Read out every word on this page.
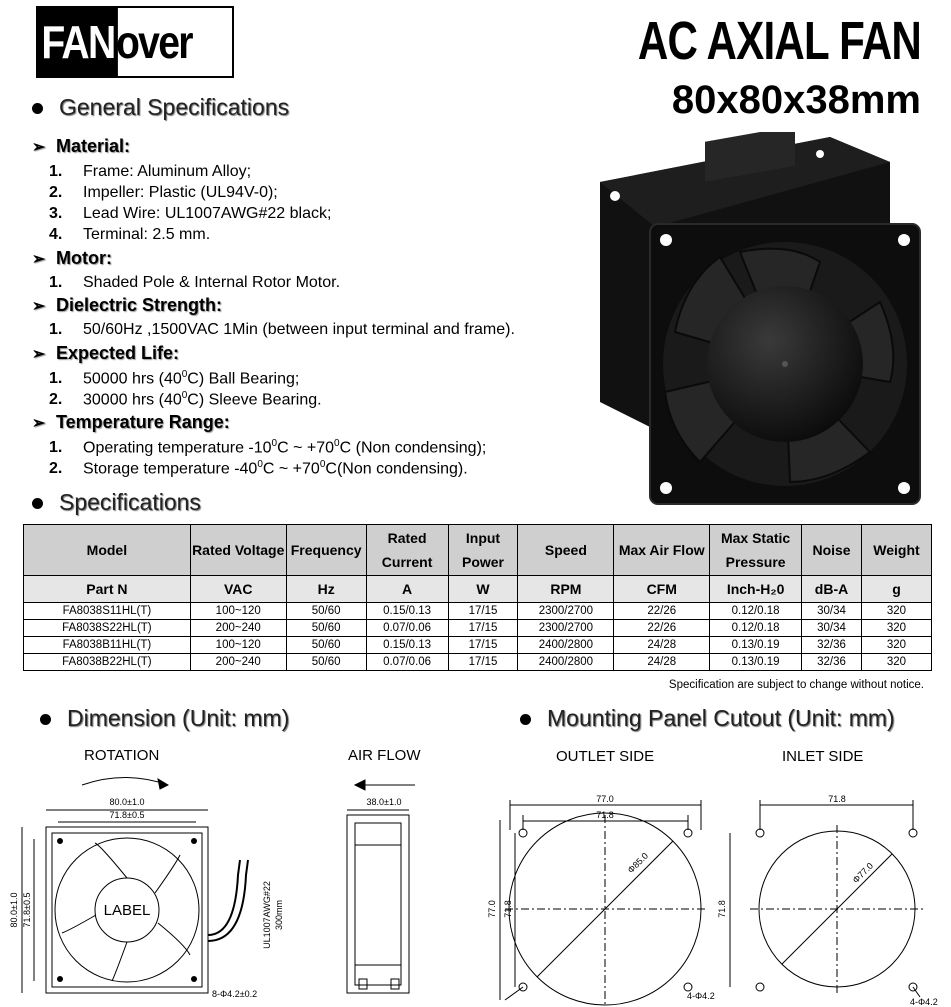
FAN over	AC AXIAL FAN
80x80x38mm
General Specifications
➢ Material:
1. Frame: Aluminum Alloy;
2. Impeller: Plastic (UL94V-0);
3. Lead Wire: UL1007AWG#22 black;
4. Terminal: 2.5 mm.
➢ Motor:
1. Shaded Pole & Internal Rotor Motor.
➢ Dielectric Strength:
1. 50/60Hz ,1500VAC 1Min (between input terminal and frame).
➢ Expected Life:
1. 50000 hrs $(40^0C)$ Ball Bearing;
2. 30000 hrs $(40^0C)$ Sleeve Bearing.
➢ Temperature Range:
1. Operating temperature $-10^0C$ ~ $+70^0C$ (Non condensing);
2. Storage temperature $-40^0C$ ~ $+70^0C(Non$ condensing).
Specifications
Model	Rated Voltage	Frequency	Rated Current	Input Power	Speed	Max Air Flow	Max Static Pressure	Noise	Weight
Part N	VAC	Hz	A	W	RPM	CFM	Inch-H₂0	dB-A	g
FA8038S11HL(T)	100~120	50/60	0.15/0.13	17/15	2300/2700	22/26	0.12/0.18	30/34	320
FA8038S22HL(T)	200~240	50/60	0.07/0.06	17/15	2300/2700	22/26	0.12/0.18	30/34	320
FA8038B11HL(T)	100~120	50/60	0.15/0.13	17/15	2400/2800	24/28	0.13/0.19	32/36	320
FA8038B22HL(T)	200~240	50/60	0.07/0.06	17/15	2400/2800	24/28	0.13/0.19	32/36	320
Specification are subject to change without notice.
Dimension (Unit: mm)	Mounting Panel Cutout (Unit: mm)
ROTATION	AIR FLOW	OUTLET SIDE	INLET SIDE
80.0±1.0
71.8±0.5
80.0±1.0 71.8±0.5	LABEL	UL1007AWG#22 300mm
8-Φ4.2±0.2
38.0±1.0	77.0
71.8
77.0 71.8
Φ85.0
4-Φ4.2
71.8
71.8
Φ77.0
4-Φ4.2
